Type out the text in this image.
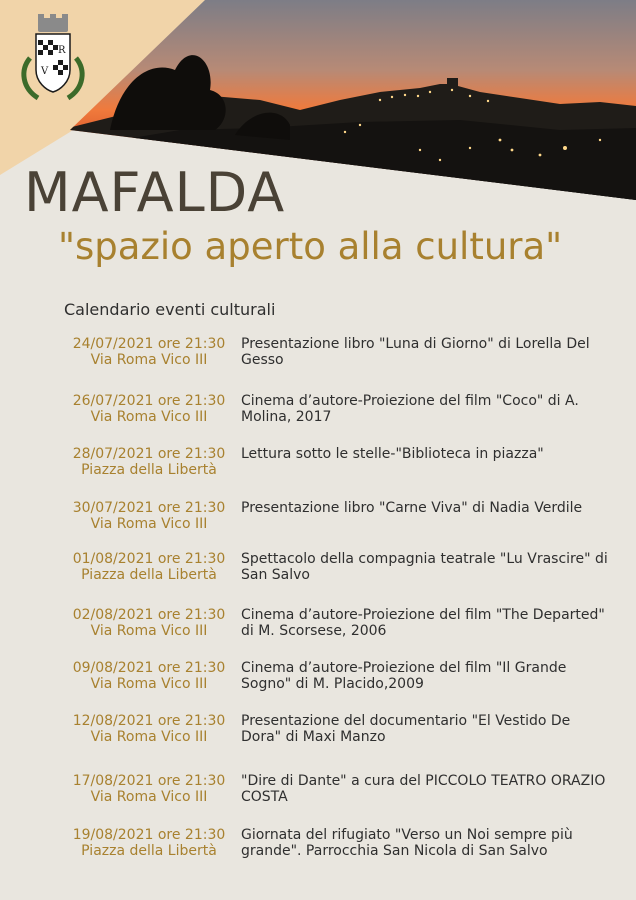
R
V
MAFALDA
"spazio aperto alla cultura"
Calendario eventi culturali
24/07/2021 ore 21:30
Via Roma Vico III
Presentazione libro "Luna di Giorno" di Lorella Del Gesso
26/07/2021 ore 21:30
Via Roma Vico III
Cinema d’autore-Proiezione del film "Coco" di A. Molina, 2017
28/07/2021 ore 21:30
Piazza della Libertà
Lettura sotto le stelle-"Biblioteca in piazza"
30/07/2021 ore 21:30
Via Roma Vico III
Presentazione libro "Carne Viva" di Nadia Verdile
01/08/2021 ore 21:30
Piazza della Libertà
Spettacolo della compagnia teatrale "Lu Vrascire" di San Salvo
02/08/2021 ore 21:30
Via Roma Vico III
Cinema d’autore-Proiezione del film "The Departed" di M. Scorsese, 2006
09/08/2021 ore 21:30
Via Roma Vico III
Cinema d’autore-Proiezione del film "Il Grande Sogno" di M. Placido,2009
12/08/2021 ore 21:30
Via Roma Vico III
Presentazione del documentario "El Vestido De Dora" di Maxi Manzo
17/08/2021 ore 21:30
Via Roma Vico III
"Dire di Dante" a cura del PICCOLO TEATRO ORAZIO COSTA
19/08/2021 ore 21:30
Piazza della Libertà
Giornata del rifugiato "Verso un Noi sempre più grande". Parrocchia San Nicola di San Salvo
